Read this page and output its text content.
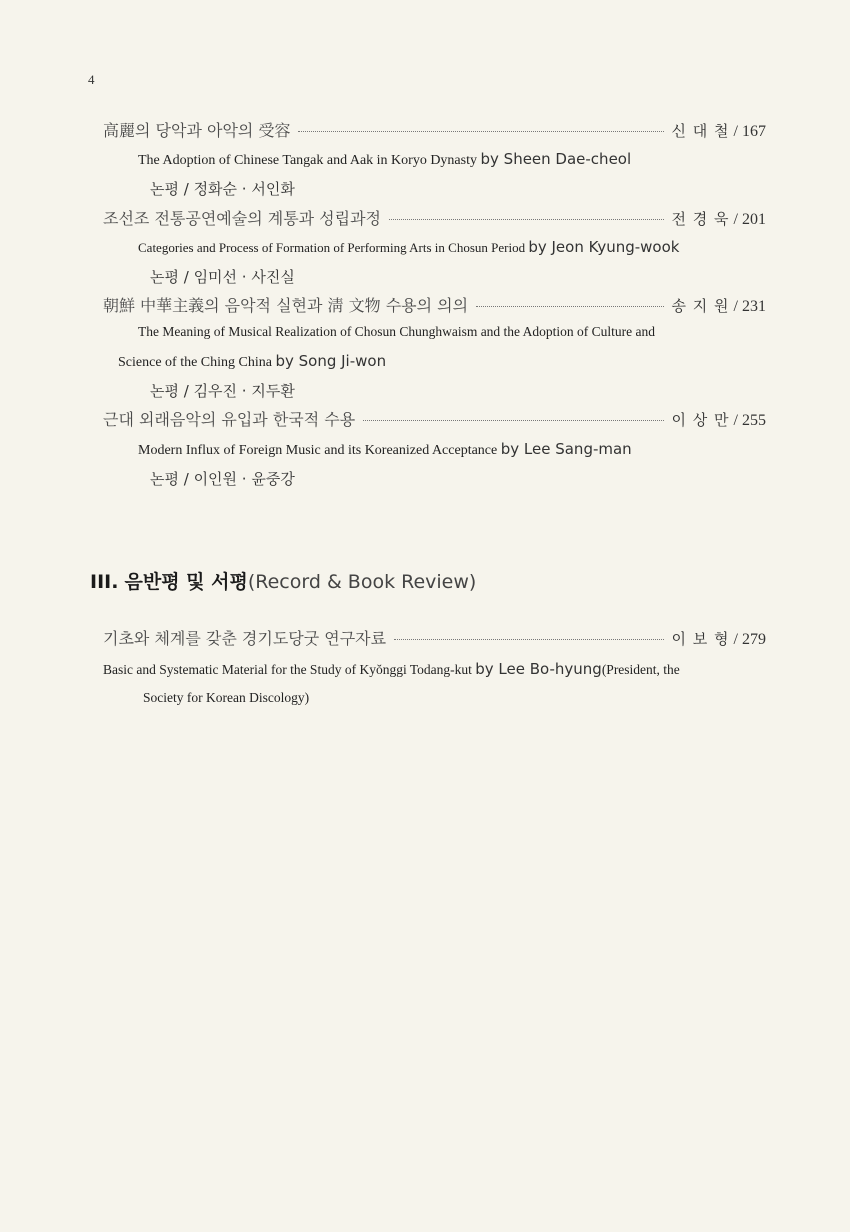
4
高麗의 당악과 아악의 受容	신 대 철 / 167
The Adoption of Chinese Tangak and Aak in Koryo Dynasty by Sheen Dae-cheol
논평 / 정화순 · 서인화
조선조 전통공연예술의 계통과 성립과정	전 경 욱 / 201
Categories and Process of Formation of Performing Arts in Chosun Period by Jeon Kyung-wook
논평 / 임미선 · 사진실
朝鮮 中華主義의 음악적 실현과 淸 文物 수용의 의의	송 지 원 / 231
The Meaning of Musical Realization of Chosun Chunghwaism and the Adoption of Culture and
Science of the Ching China by Song Ji-won
논평 / 김우진 · 지두환
근대 외래음악의 유입과 한국적 수용	이 상 만 / 255
Modern Influx of Foreign Music and its Koreanized Acceptance by Lee Sang-man
논평 / 이인원 · 윤중강
III. 음반평 및 서평(Record & Book Review)
기초와 체계를 갖춘 경기도당굿 연구자료	이 보 형 / 279
Basic and Systematic Material for the Study of Kyŏnggi Todang-kut by Lee Bo-hyung(President, the
Society for Korean Discology)
